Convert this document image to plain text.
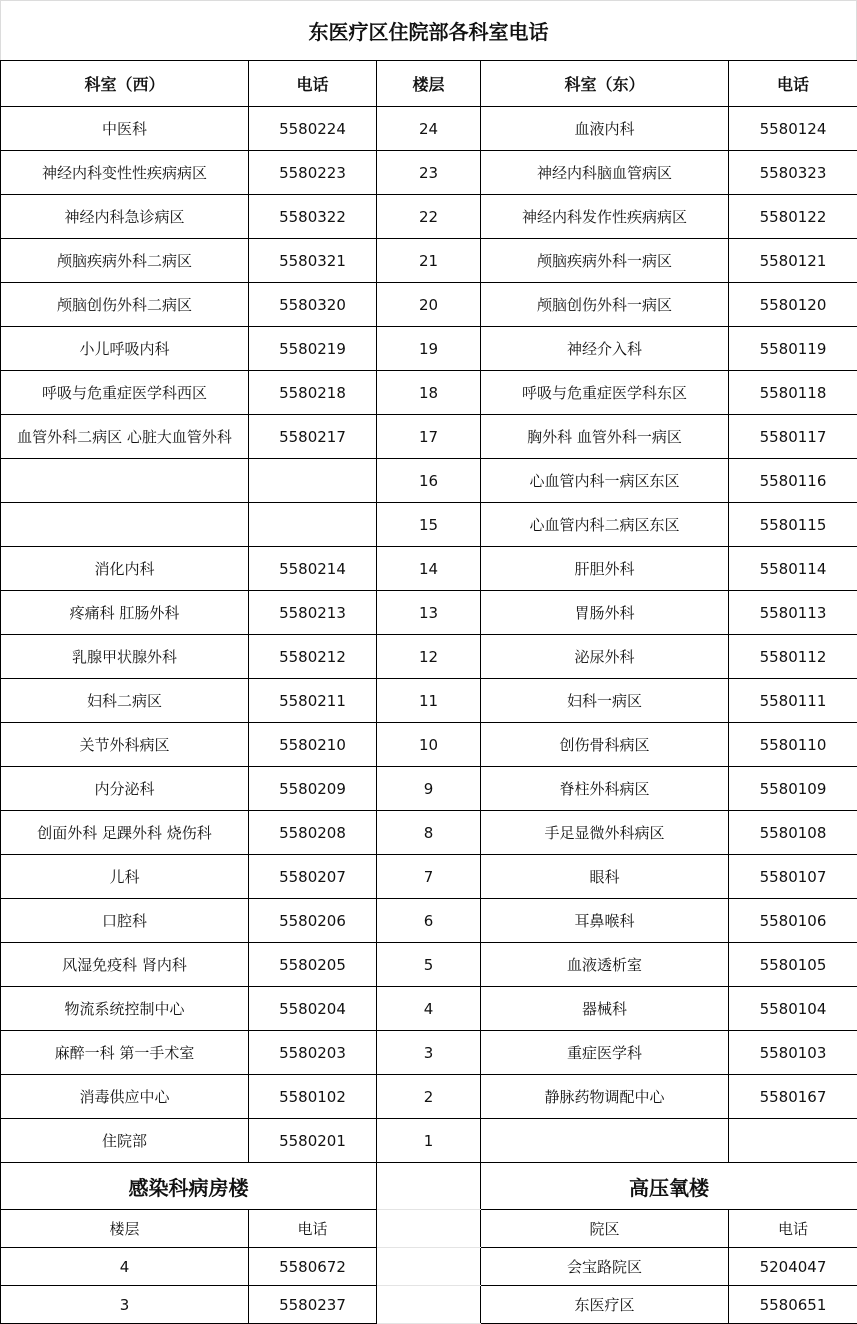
东医疗区住院部各科室电话
科室（西）	电话	楼层	科室（东）	电话
中医科	5580224	24	血液内科	5580124
神经内科变性性疾病病区	5580223	23	神经内科脑血管病区	5580323
神经内科急诊病区	5580322	22	神经内科发作性疾病病区	5580122
颅脑疾病外科二病区	5580321	21	颅脑疾病外科一病区	5580121
颅脑创伤外科二病区	5580320	20	颅脑创伤外科一病区	5580120
小儿呼吸内科	5580219	19	神经介入科	5580119
呼吸与危重症医学科西区	5580218	18	呼吸与危重症医学科东区	5580118
血管外科二病区 心脏大血管外科	5580217	17	胸外科 血管外科一病区	5580117
		16	心血管内科一病区东区	5580116
		15	心血管内科二病区东区	5580115
消化内科	5580214	14	肝胆外科	5580114
疼痛科 肛肠外科	5580213	13	胃肠外科	5580113
乳腺甲状腺外科	5580212	12	泌尿外科	5580112
妇科二病区	5580211	11	妇科一病区	5580111
关节外科病区	5580210	10	创伤骨科病区	5580110
内分泌科	5580209	9	脊柱外科病区	5580109
创面外科 足踝外科 烧伤科	5580208	8	手足显微外科病区	5580108
儿科	5580207	7	眼科	5580107
口腔科	5580206	6	耳鼻喉科	5580106
风湿免疫科 肾内科	5580205	5	血液透析室	5580105
物流系统控制中心	5580204	4	器械科	5580104
麻醉一科 第一手术室	5580203	3	重症医学科	5580103
消毒供应中心	5580102	2	静脉药物调配中心	5580167
住院部	5580201	1		
感染科病房楼			高压氧楼	
楼层	电话		院区	电话
4	5580672		会宝路院区	5204047
3	5580237		东医疗区	5580651
